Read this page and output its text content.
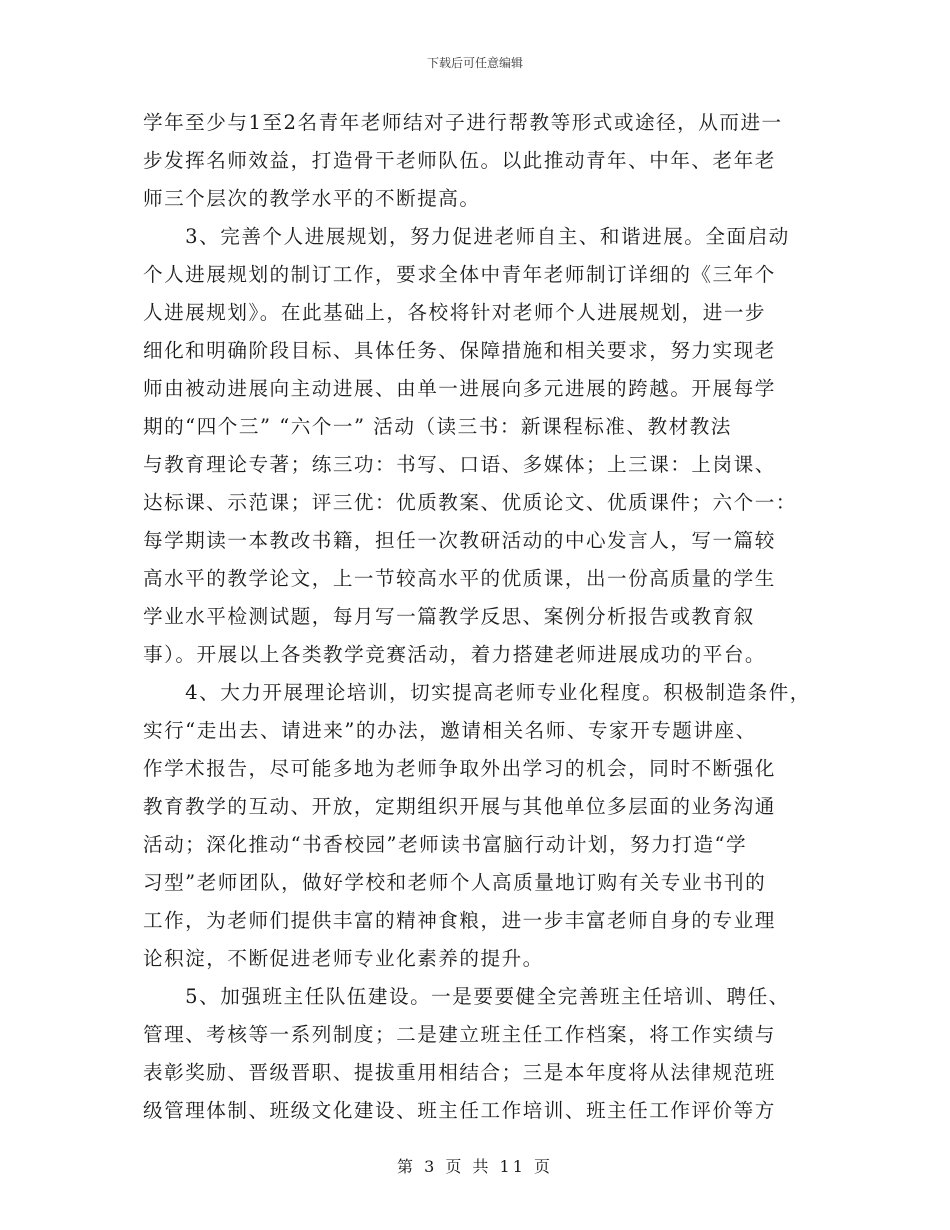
下载后可任意编辑
学年至少与1至2名青年老师结对子进行帮教等形式或途径，从而进一
步发挥名师效益，打造骨干老师队伍。以此推动青年、中年、老年老
师三个层次的教学水平的不断提高。
　　3、完善个人进展规划，努力促进老师自主、和谐进展。全面启动
个人进展规划的制订工作，要求全体中青年老师制订详细的《三年个
人进展规划》。在此基础上，各校将针对老师个人进展规划，进一步
细化和明确阶段目标、具体任务、保障措施和相关要求，努力实现老
师由被动进展向主动进展、由单一进展向多元进展的跨越。开展每学
期的“四个三” “六个一” 活动（读三书：新课程标准、教材教法
与教育理论专著；练三功：书写、口语、多媒体；上三课：上岗课、
达标课、示范课；评三优：优质教案、优质论文、优质课件；六个一：
每学期读一本教改书籍，担任一次教研活动的中心发言人，写一篇较
高水平的教学论文，上一节较高水平的优质课，出一份高质量的学生
学业水平检测试题，每月写一篇教学反思、案例分析报告或教育叙
事）。开展以上各类教学竞赛活动，着力搭建老师进展成功的平台。
　　4、大力开展理论培训，切实提高老师专业化程度。积极制造条件，
实行“走出去、请进来”的办法，邀请相关名师、专家开专题讲座、
作学术报告，尽可能多地为老师争取外出学习的机会，同时不断强化
教育教学的互动、开放，定期组织开展与其他单位多层面的业务沟通
活动；深化推动“书香校园”老师读书富脑行动计划，努力打造“学
习型”老师团队，做好学校和老师个人高质量地订购有关专业书刊的
工作，为老师们提供丰富的精神食粮，进一步丰富老师自身的专业理
论积淀，不断促进老师专业化素养的提升。
　　5、加强班主任队伍建设。一是要要健全完善班主任培训、聘任、
管理、考核等一系列制度；二是建立班主任工作档案，将工作实绩与
表彰奖励、晋级晋职、提拔重用相结合；三是本年度将从法律规范班
级管理体制、班级文化建设、班主任工作培训、班主任工作评价等方
第 3 页 共 11 页
